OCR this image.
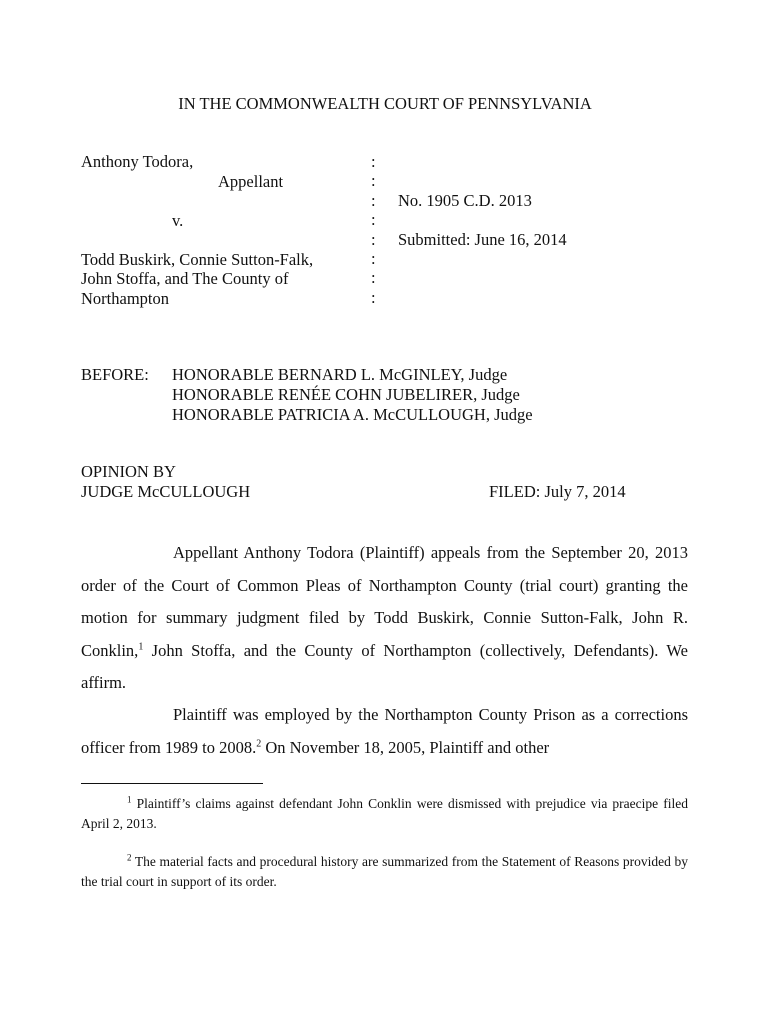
IN THE COMMONWEALTH COURT OF PENNSYLVANIA
Anthony Todora,
Appellant
v.
Todd Buskirk, Connie Sutton-Falk,
John Stoffa, and The County of
Northampton
:
:
:
:
:
:
:
:
No. 1905 C.D. 2013
Submitted: June 16, 2014
BEFORE: HONORABLE BERNARD L. McGINLEY, Judge
HONORABLE RENÉE COHN JUBELIRER, Judge
HONORABLE PATRICIA A. McCULLOUGH, Judge
OPINION BY
JUDGE McCULLOUGH	FILED: July 7, 2014

Appellant Anthony Todora (Plaintiff) appeals from the September 20, 2013 order of the Court of Common Pleas of Northampton County (trial court) granting the motion for summary judgment filed by Todd Buskirk, Connie Sutton-Falk, John R. Conklin,$^1$ John Stoffa, and the County of Northampton (collectively, Defendants). We affirm.

Plaintiff was employed by the Northampton County Prison as a corrections officer from 1989 to 2008.$^2$ On November 18, 2005, Plaintiff and other

$^1$ Plaintiff’s claims against defendant John Conklin were dismissed with prejudice via praecipe filed April 2, 2013.
$^2$ The material facts and procedural history are summarized from the Statement of Reasons provided by the trial court in support of its order.
